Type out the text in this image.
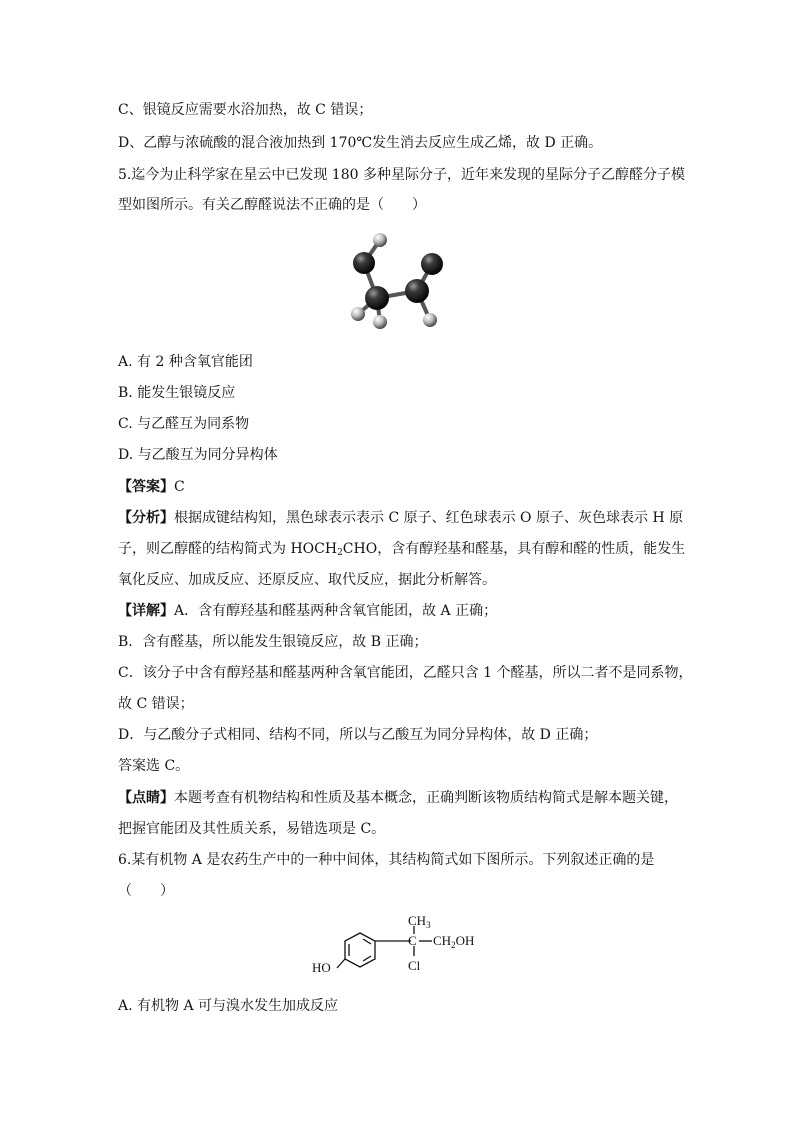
C、银镜反应需要水浴加热，故 C 错误；
D、乙醇与浓硫酸的混合液加热到 170℃发生消去反应生成乙烯，故 D 正确。
5.迄今为止科学家在星云中已发现 180 多种星际分子，近年来发现的星际分子乙醇醛分子模
型如图所示。有关乙醇醛说法不正确的是（　　）
A. 有 2 种含氧官能团
B. 能发生银镜反应
C. 与乙醛互为同系物
D. 与乙酸互为同分异构体
【答案】C
【分析】根据成键结构知，黑色球表示表示 C 原子、红色球表示 O 原子、灰色球表示 H 原
子，则乙醇醛的结构简式为 $HOCH_2CHO$，含有醇羟基和醛基，具有醇和醛的性质，能发生
氧化反应、加成反应、还原反应、取代反应，据此分析解答。
【详解】A．含有醇羟基和醛基两种含氧官能团，故 A 正确；
B．含有醛基，所以能发生银镜反应，故 B 正确；
C．该分子中含有醇羟基和醛基两种含氧官能团，乙醛只含 1 个醛基，所以二者不是同系物，
故 C 错误；
D．与乙酸分子式相同、结构不同，所以与乙酸互为同分异构体，故 D 正确；
答案选 C。
【点睛】本题考查有机物结构和性质及基本概念，正确判断该物质结构简式是解本题关键，
把握官能团及其性质关系，易错选项是 C。
6.某有机物 A 是农药生产中的一种中间体，其结构简式如下图所示。下列叙述正确的是
（　　）
HO
C
$CH_3$
$CH_2OH$
Cl
A. 有机物 A 可与溴水发生加成反应
